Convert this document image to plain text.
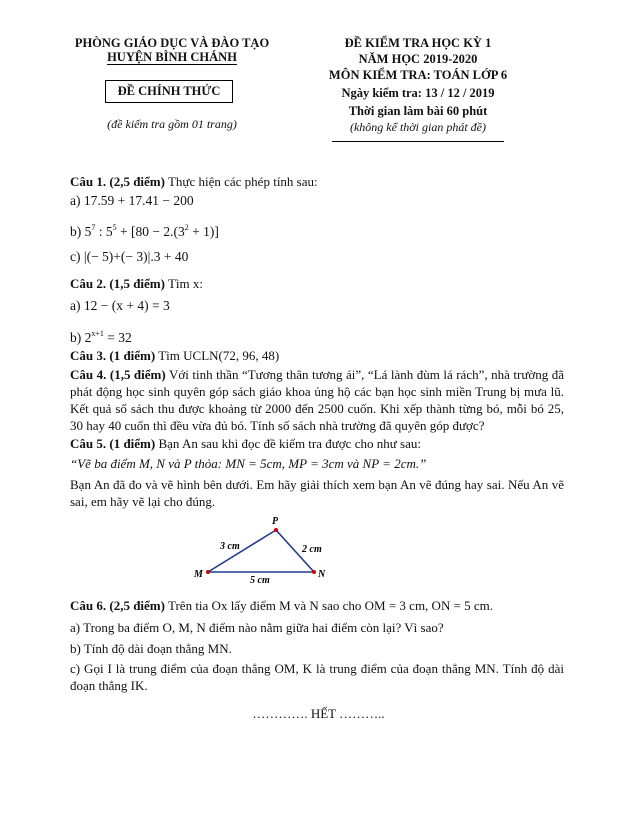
PHÒNG GIÁO DỤC VÀ ĐÀO TẠO
HUYỆN BÌNH CHÁNH
ĐỀ CHÍNH THỨC
(đề kiểm tra gồm 01 trang)
ĐỀ KIỂM TRA HỌC KỲ 1
NĂM HỌC 2019-2020
MÔN KIỂM TRA: TOÁN LỚP 6
Ngày kiểm tra: 13 / 12 / 2019
Thời gian làm bài 60 phút
(không kể thời gian phát đề)
Câu 1. (2,5 điểm) Thực hiện các phép tính sau:
a) 17.59 + 17.41 − 200
b) $5^7$ : $5^5 + [80 - 2.(3^2 + 1)]$
c) |(− 5)+(− 3)|.3 + 40
Câu 2. (1,5 điểm) Tìm x:
a) 12 − (x + 4) = 3
b) $2^{x+1} = 32$
Câu 3. (1 điểm) Tìm UCLN(72, 96, 48)
Câu 4. (1,5 điểm) Với tinh thần “Tương thân tương ái”, “Lá lành đùm lá rách”, nhà trường đã phát động học sinh quyên góp sách giáo khoa ủng hộ các bạn học sinh miền Trung bị mưa lũ. Kết quả số sách thu được khoảng từ 2000 đến 2500 cuốn. Khi xếp thành từng bó, mỗi bó 25, 30 hay 40 cuốn thì đều vừa đủ bó. Tính số sách nhà trường đã quyên góp được?
Câu 5. (1 điểm) Bạn An sau khi đọc đề kiểm tra được cho như sau:
“Vẽ ba điểm M, N và P thỏa: MN = 5cm, MP = 3cm và NP = 2cm.”
Bạn An đã đo và vẽ hình bên dưới. Em hãy giải thích xem bạn An vẽ đúng hay sai. Nếu An vẽ sai, em hãy vẽ lại cho đúng.
P
M	N
3 cm	2 cm
5 cm
Câu 6. (2,5 điểm) Trên tia Ox lấy điểm M và N sao cho OM = 3 cm, ON = 5 cm.
a) Trong ba điểm O, M, N điểm nào nằm giữa hai điểm còn lại? Vì sao?
b) Tính độ dài đoạn thẳng MN.
c) Gọi I là trung điểm của đoạn thẳng OM, K là trung điểm của đoạn thẳng MN. Tính độ dài đoạn thẳng IK.
…………. HẾT ………..
